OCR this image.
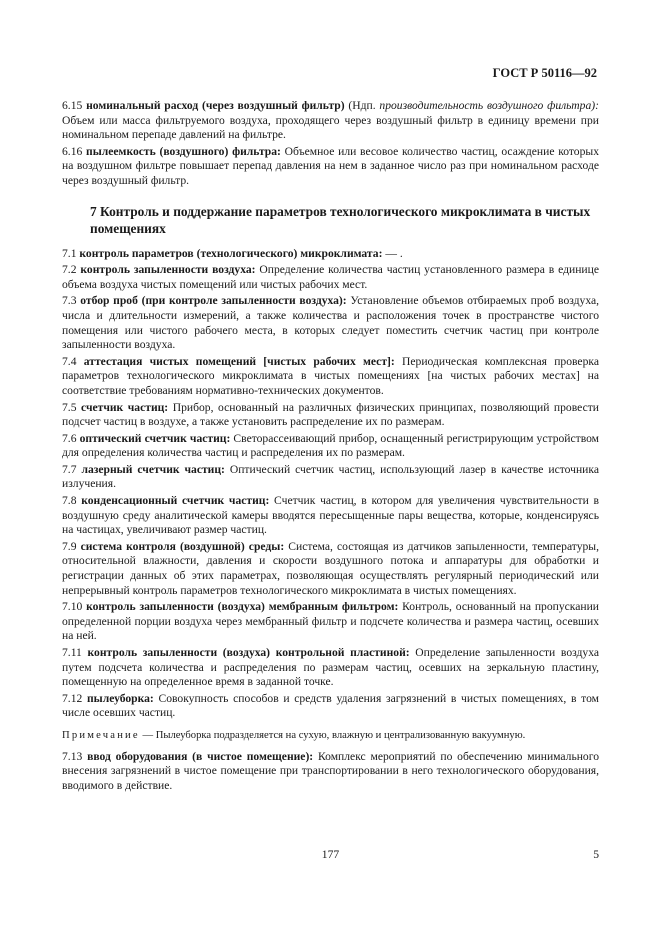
ГОСТ Р 50116—92

6.15 номинальный расход (через воздушный фильтр) (Ндп. производительность воздушного фильтра): Объем или масса фильтруемого воздуха, проходящего через воздушный фильтр в единицу времени при номинальном перепаде давлений на фильтре.

6.16 пылеемкость (воздушного) фильтра: Объемное или весовое количество частиц, осаждение которых на воздушном фильтре повышает перепад давления на нем в заданное число раз при номинальном расходе через воздушный фильтр.

7 Контроль и поддержание параметров технологического микроклимата в чистых помещениях

7.1 контроль параметров (технологического) микроклимата: — .

7.2 контроль запыленности воздуха: Определение количества частиц установленного размера в единице объема воздуха чистых помещений или чистых рабочих мест.

7.3 отбор проб (при контроле запыленности воздуха): Установление объемов отбираемых проб воздуха, числа и длительности измерений, а также количества и расположения точек в пространстве чистого помещения или чистого рабочего места, в которых следует поместить счетчик частиц при контроле запыленности воздуха.

7.4 аттестация чистых помещений [чистых рабочих мест]: Периодическая комплексная проверка параметров технологического микроклимата в чистых помещениях [на чистых рабочих местах] на соответствие требованиям нормативно-технических документов.

7.5 счетчик частиц: Прибор, основанный на различных физических принципах, позволяющий провести подсчет частиц в воздухе, а также установить распределение их по размерам.

7.6 оптический счетчик частиц: Светорассеивающий прибор, оснащенный регистрирующим устройством для определения количества частиц и распределения их по размерам.

7.7 лазерный счетчик частиц: Оптический счетчик частиц, использующий лазер в качестве источника излучения.

7.8 конденсационный счетчик частиц: Счетчик частиц, в котором для увеличения чувствительности в воздушную среду аналитической камеры вводятся пересыщенные пары вещества, которые, конденсируясь на частицах, увеличивают размер частиц.

7.9 система контроля (воздушной) среды: Система, состоящая из датчиков запыленности, температуры, относительной влажности, давления и скорости воздушного потока и аппаратуры для обработки и регистрации данных об этих параметрах, позволяющая осуществлять регулярный периодический или непрерывный контроль параметров технологического микроклимата в чистых помещениях.

7.10 контроль запыленности (воздуха) мембранным фильтром: Контроль, основанный на пропускании определенной порции воздуха через мембранный фильтр и подсчете количества и размера частиц, осевших на ней.

7.11 контроль запыленности (воздуха) контрольной пластиной: Определение запыленности воздуха путем подсчета количества и распределения по размерам частиц, осевших на зеркальную пластину, помещенную на определенное время в заданной точке.

7.12 пылеуборка: Совокупность способов и средств удаления загрязнений в чистых помещениях, в том числе осевших частиц.

Примечание — Пылеуборка подразделяется на сухую, влажную и централизованную вакуумную.

7.13 ввод оборудования (в чистое помещение): Комплекс мероприятий по обеспечению минимального внесения загрязнений в чистое помещение при транспортировании в него технологического оборудования, вводимого в действие.

177	5
